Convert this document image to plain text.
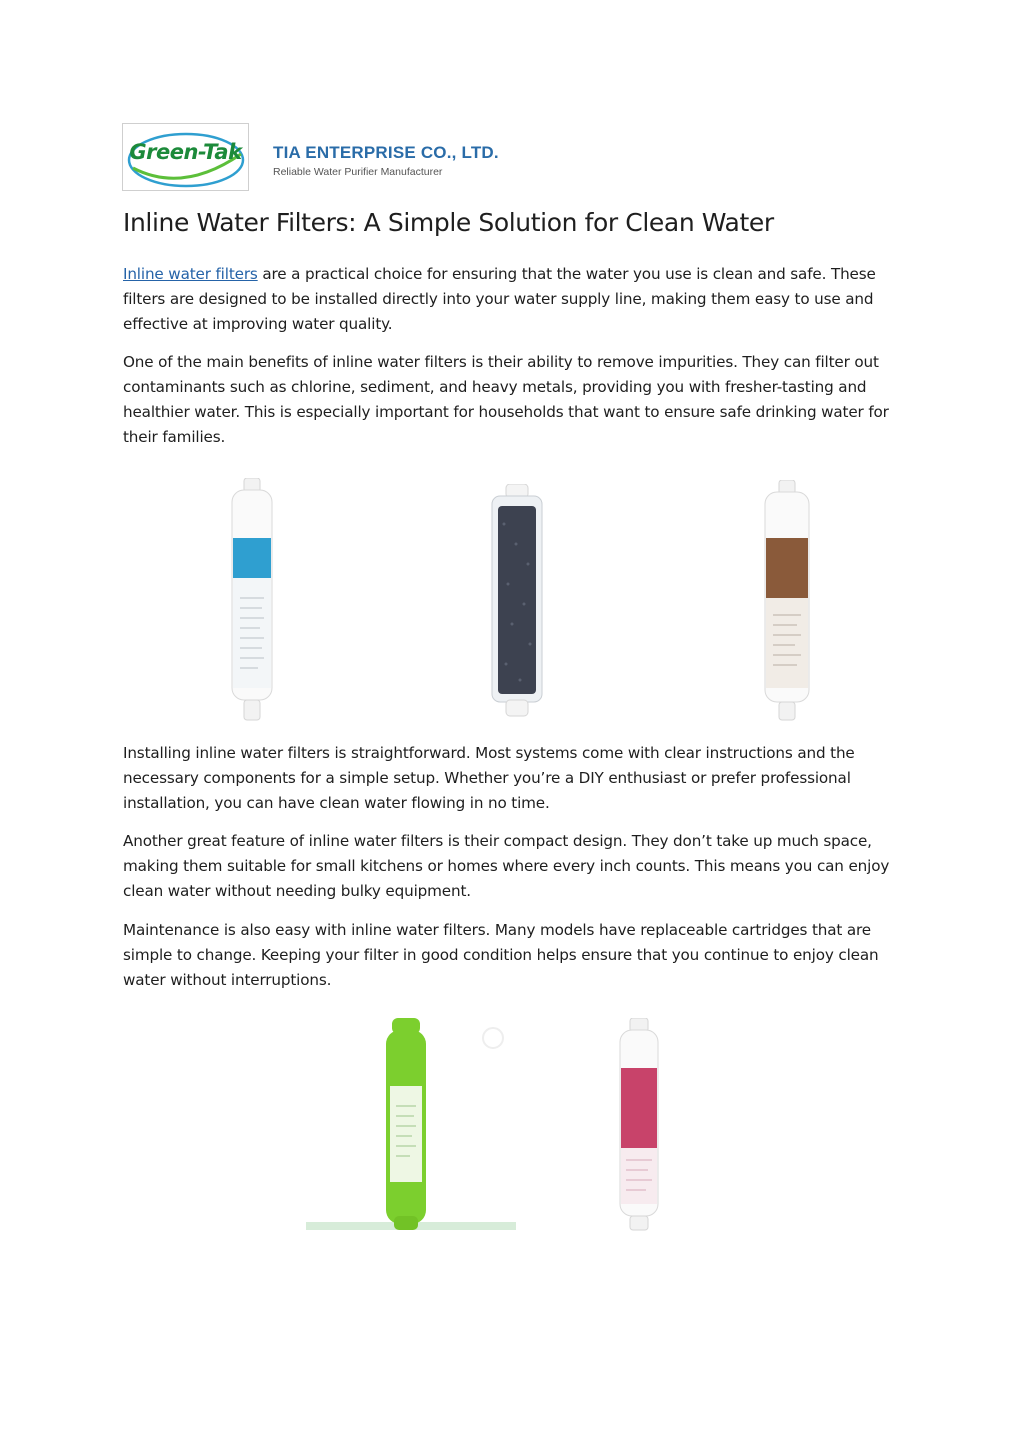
Green-Tak	TIA ENTERPRISE CO., LTD.
Reliable Water Purifier Manufacturer
Inline Water Filters: A Simple Solution for Clean Water

Inline water filters are a practical choice for ensuring that the water you use is clean and safe. These filters are designed to be installed directly into your water supply line, making them easy to use and effective at improving water quality.

One of the main benefits of inline water filters is their ability to remove impurities. They can filter out contaminants such as chlorine, sediment, and heavy metals, providing you with fresher-tasting and healthier water. This is especially important for households that want to ensure safe drinking water for their families.

Installing inline water filters is straightforward. Most systems come with clear instructions and the necessary components for a simple setup. Whether you’re a DIY enthusiast or prefer professional installation, you can have clean water flowing in no time.

Another great feature of inline water filters is their compact design. They don’t take up much space, making them suitable for small kitchens or homes where every inch counts. This means you can enjoy clean water without needing bulky equipment.

Maintenance is also easy with inline water filters. Many models have replaceable cartridges that are simple to change. Keeping your filter in good condition helps ensure that you continue to enjoy clean water without interruptions.
